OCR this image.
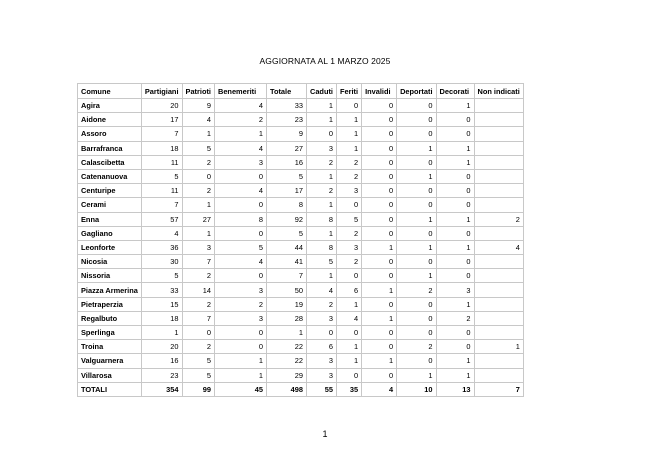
AGGIORNATA AL 1 MARZO 2025
Comune	Partigiani	Patrioti	Benemeriti	Totale	Caduti	Feriti	Invalidi	Deportati	Decorati	Non indicati
Agira	20	9	4	33	1	0	0	0	1	
Aidone	17	4	2	23	1	1	0	0	0	
Assoro	7	1	1	9	0	1	0	0	0	
Barrafranca	18	5	4	27	3	1	0	1	1	
Calascibetta	11	2	3	16	2	2	0	0	1	
Catenanuova	5	0	0	5	1	2	0	1	0	
Centuripe	11	2	4	17	2	3	0	0	0	
Cerami	7	1	0	8	1	0	0	0	0	
Enna	57	27	8	92	8	5	0	1	1	2
Gagliano	4	1	0	5	1	2	0	0	0	
Leonforte	36	3	5	44	8	3	1	1	1	4
Nicosia	30	7	4	41	5	2	0	0	0	
Nissoria	5	2	0	7	1	0	0	1	0	
Piazza Armerina	33	14	3	50	4	6	1	2	3	
Pietraperzia	15	2	2	19	2	1	0	0	1	
Regalbuto	18	7	3	28	3	4	1	0	2	
Sperlinga	1	0	0	1	0	0	0	0	0	
Troina	20	2	0	22	6	1	0	2	0	1
Valguarnera	16	5	1	22	3	1	1	0	1	
Villarosa	23	5	1	29	3	0	0	1	1	
TOTALI	354	99	45	498	55	35	4	10	13	7
1
